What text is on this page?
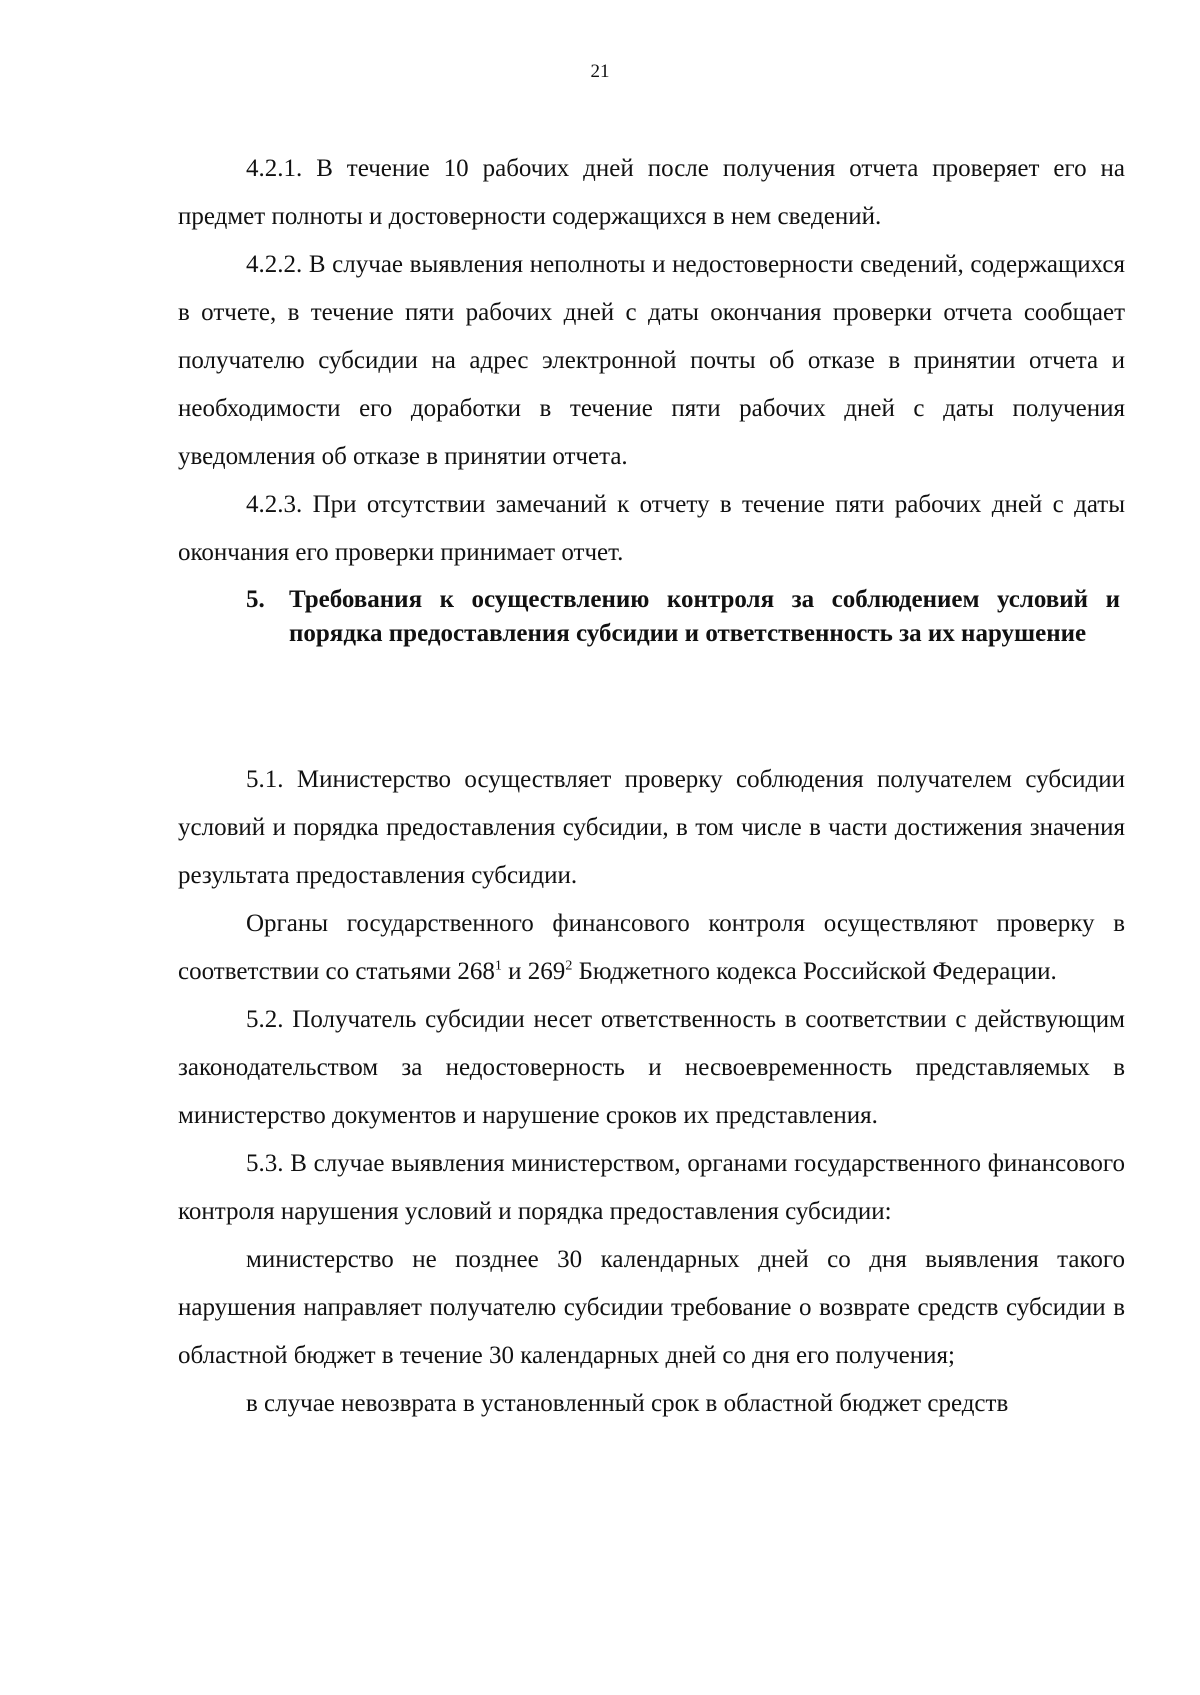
21

4.2.1. В течение 10 рабочих дней после получения отчета проверяет его на предмет полноты и достоверности содержащихся в нем сведений.

4.2.2. В случае выявления неполноты и недостоверности сведений, содержащихся в отчете, в течение пяти рабочих дней с даты окончания проверки отчета сообщает получателю субсидии на адрес электронной почты об отказе в принятии отчета и необходимости его доработки в течение пяти рабочих дней с даты получения уведомления об отказе в принятии отчета.

4.2.3. При отсутствии замечаний к отчету в течение пяти рабочих дней с даты окончания его проверки принимает отчет.

5. Требования к осуществлению контроля за соблюдением условий и порядка предоставления субсидии и ответственность за их нарушение

5.1. Министерство осуществляет проверку соблюдения получателем субсидии условий и порядка предоставления субсидии, в том числе в части достижения значения результата предоставления субсидии.

Органы государственного финансового контроля осуществляют проверку в соответствии со статьями $268^1$ и $269^2$ Бюджетного кодекса Российской Федерации.

5.2. Получатель субсидии несет ответственность в соответствии с действующим законодательством за недостоверность и несвоевременность представляемых в министерство документов и нарушение сроков их представления.

5.3. В случае выявления министерством, органами государственного финансового контроля нарушения условий и порядка предоставления субсидии:

министерство не позднее 30 календарных дней со дня выявления такого нарушения направляет получателю субсидии требование о возврате средств субсидии в областной бюджет в течение 30 календарных дней со дня его получения;

в случае невозврата в установленный срок в областной бюджет средств
